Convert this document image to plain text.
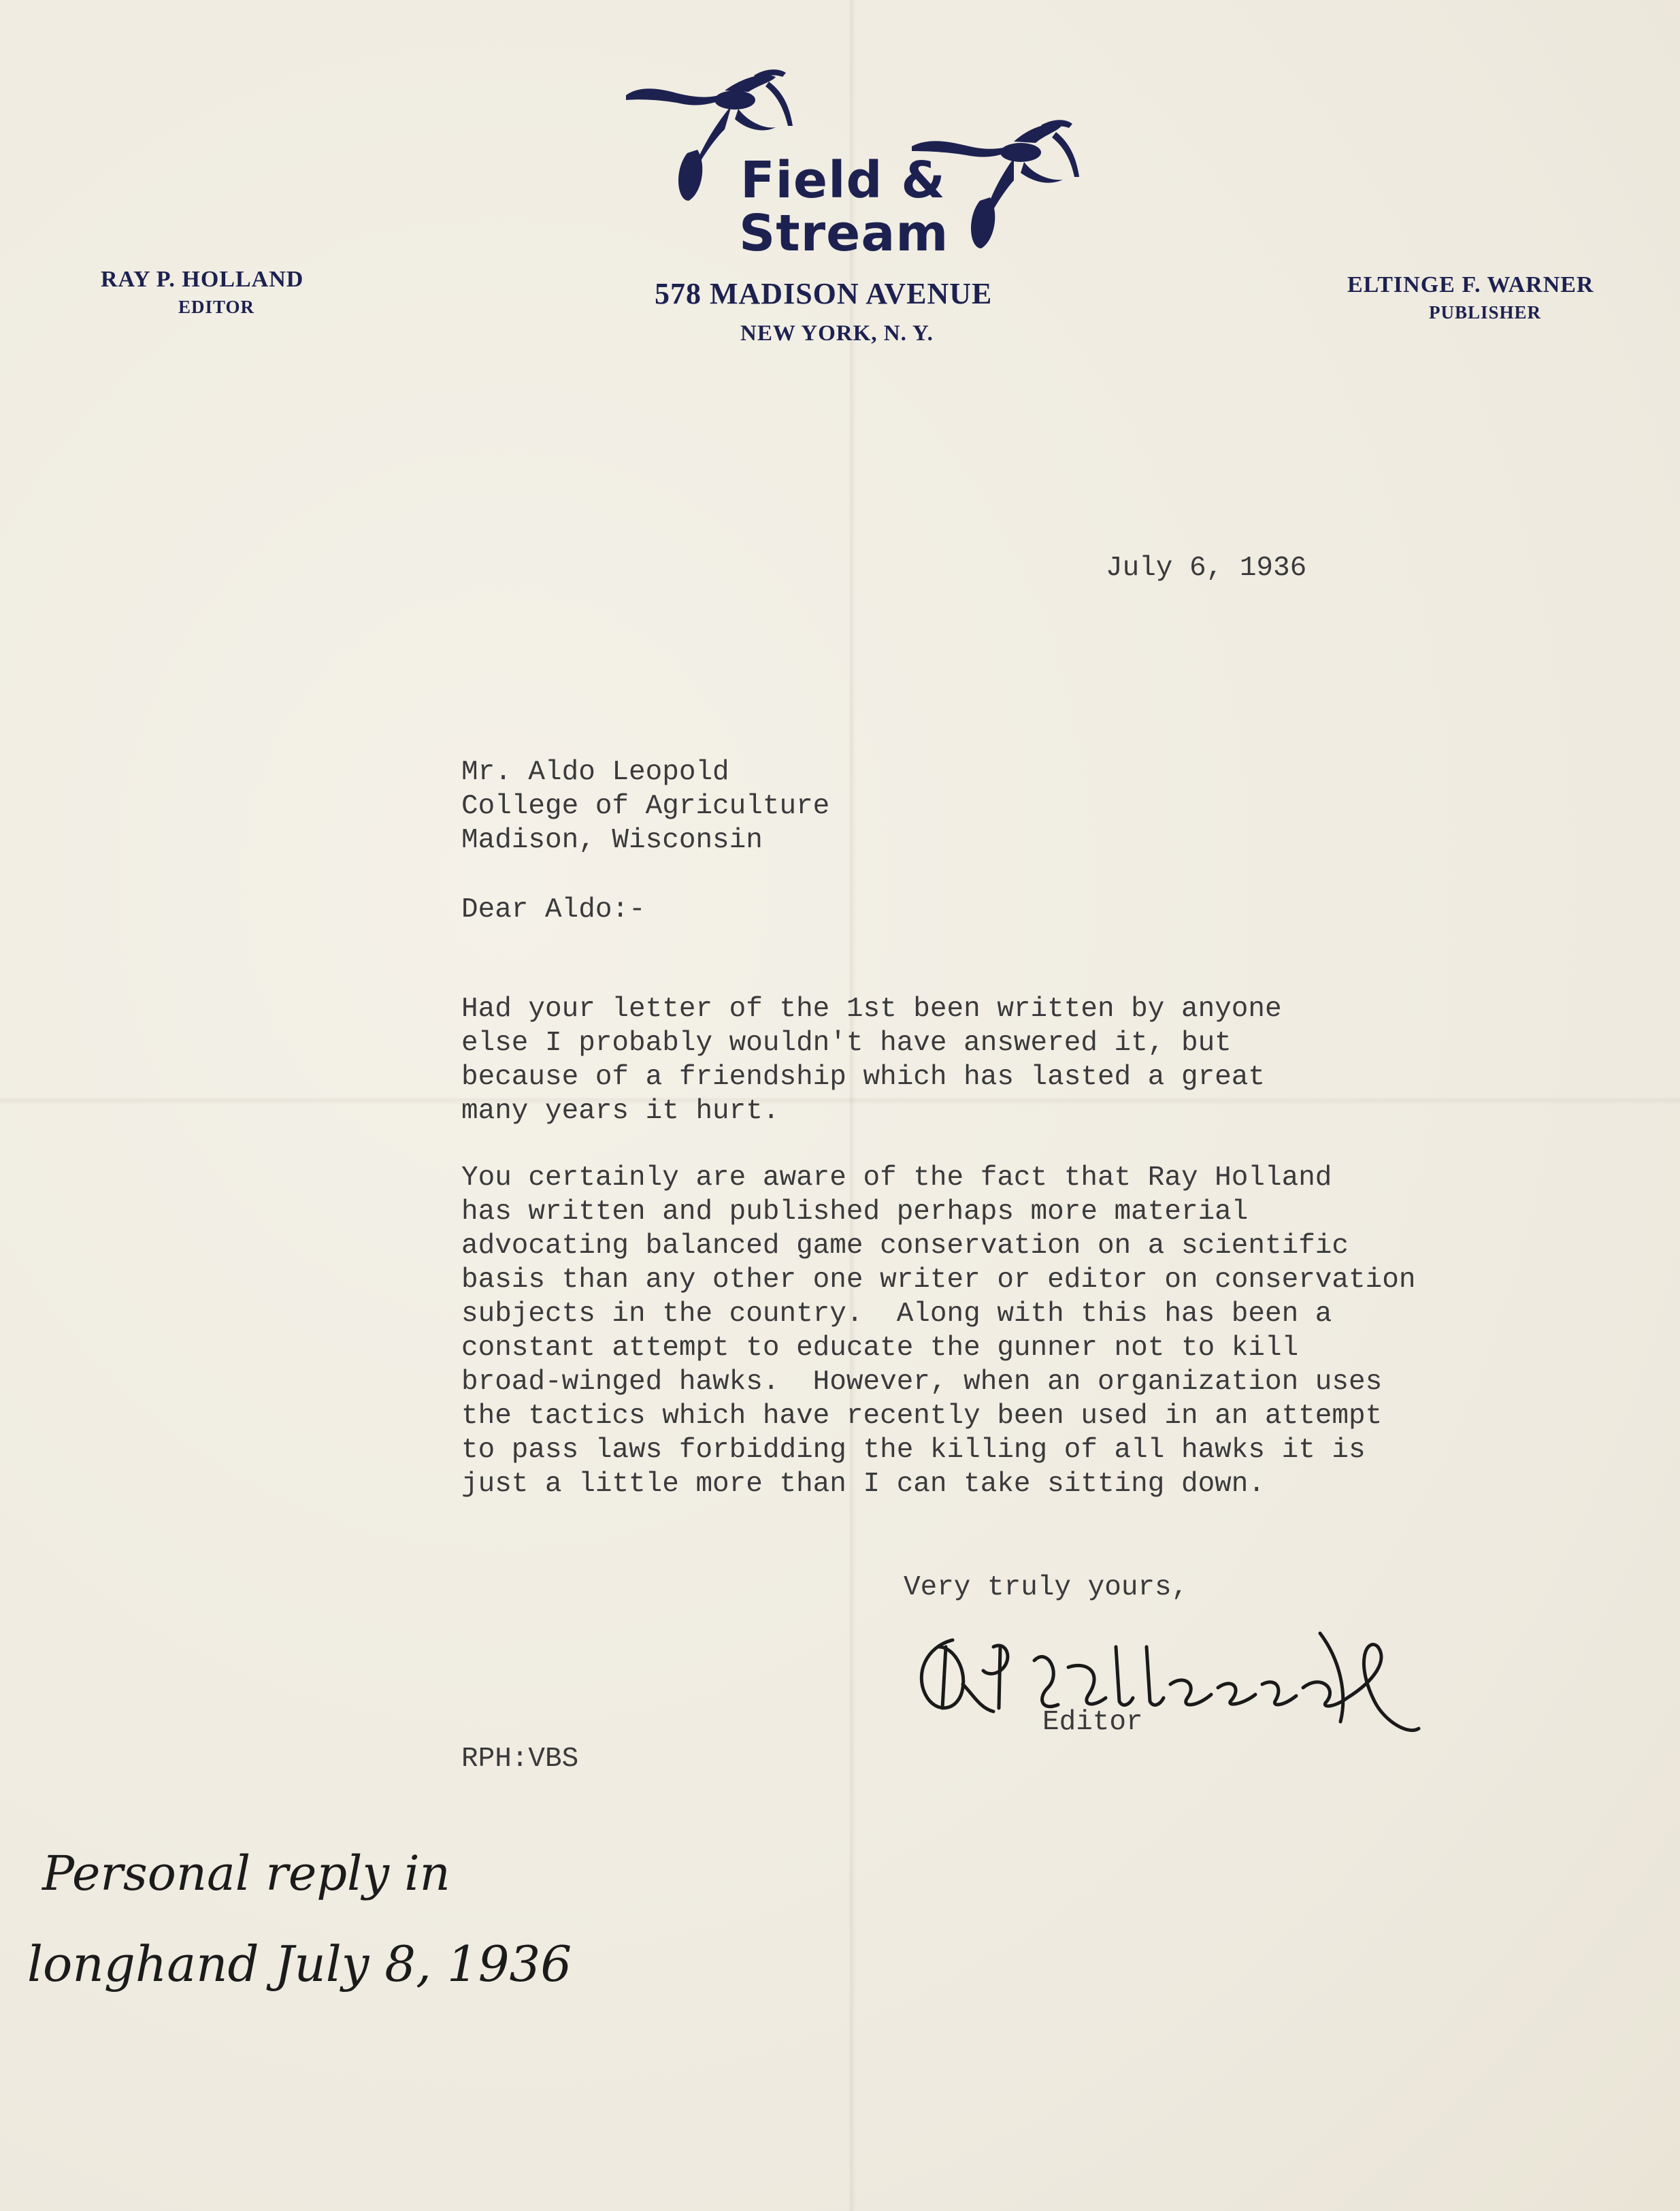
Field &
Stream
RAY P. HOLLAND
EDITOR	578 MADISON AVENUE
NEW YORK, N. Y.
ELTINGE F. WARNER
PUBLISHER
July 6, 1936
Mr. Aldo Leopold
College of Agriculture
Madison, Wisconsin
Dear Aldo:-
Had your letter of the 1st been written by anyone
else I probably wouldn't have answered it, but
because of a friendship which has lasted a great
many years it hurt.
You certainly are aware of the fact that Ray Holland
has written and published perhaps more material
advocating balanced game conservation on a scientific
basis than any other one writer or editor on conservation
subjects in the country.  Along with this has been a
constant attempt to educate the gunner not to kill
broad-winged hawks.  However, when an organization uses
the tactics which have recently been used in an attempt
to pass laws forbidding the killing of all hawks it is
just a little more than I can take sitting down.
Very truly yours,
Editor
RPH:VBS
Personal reply in
longhand July 8, 1936
